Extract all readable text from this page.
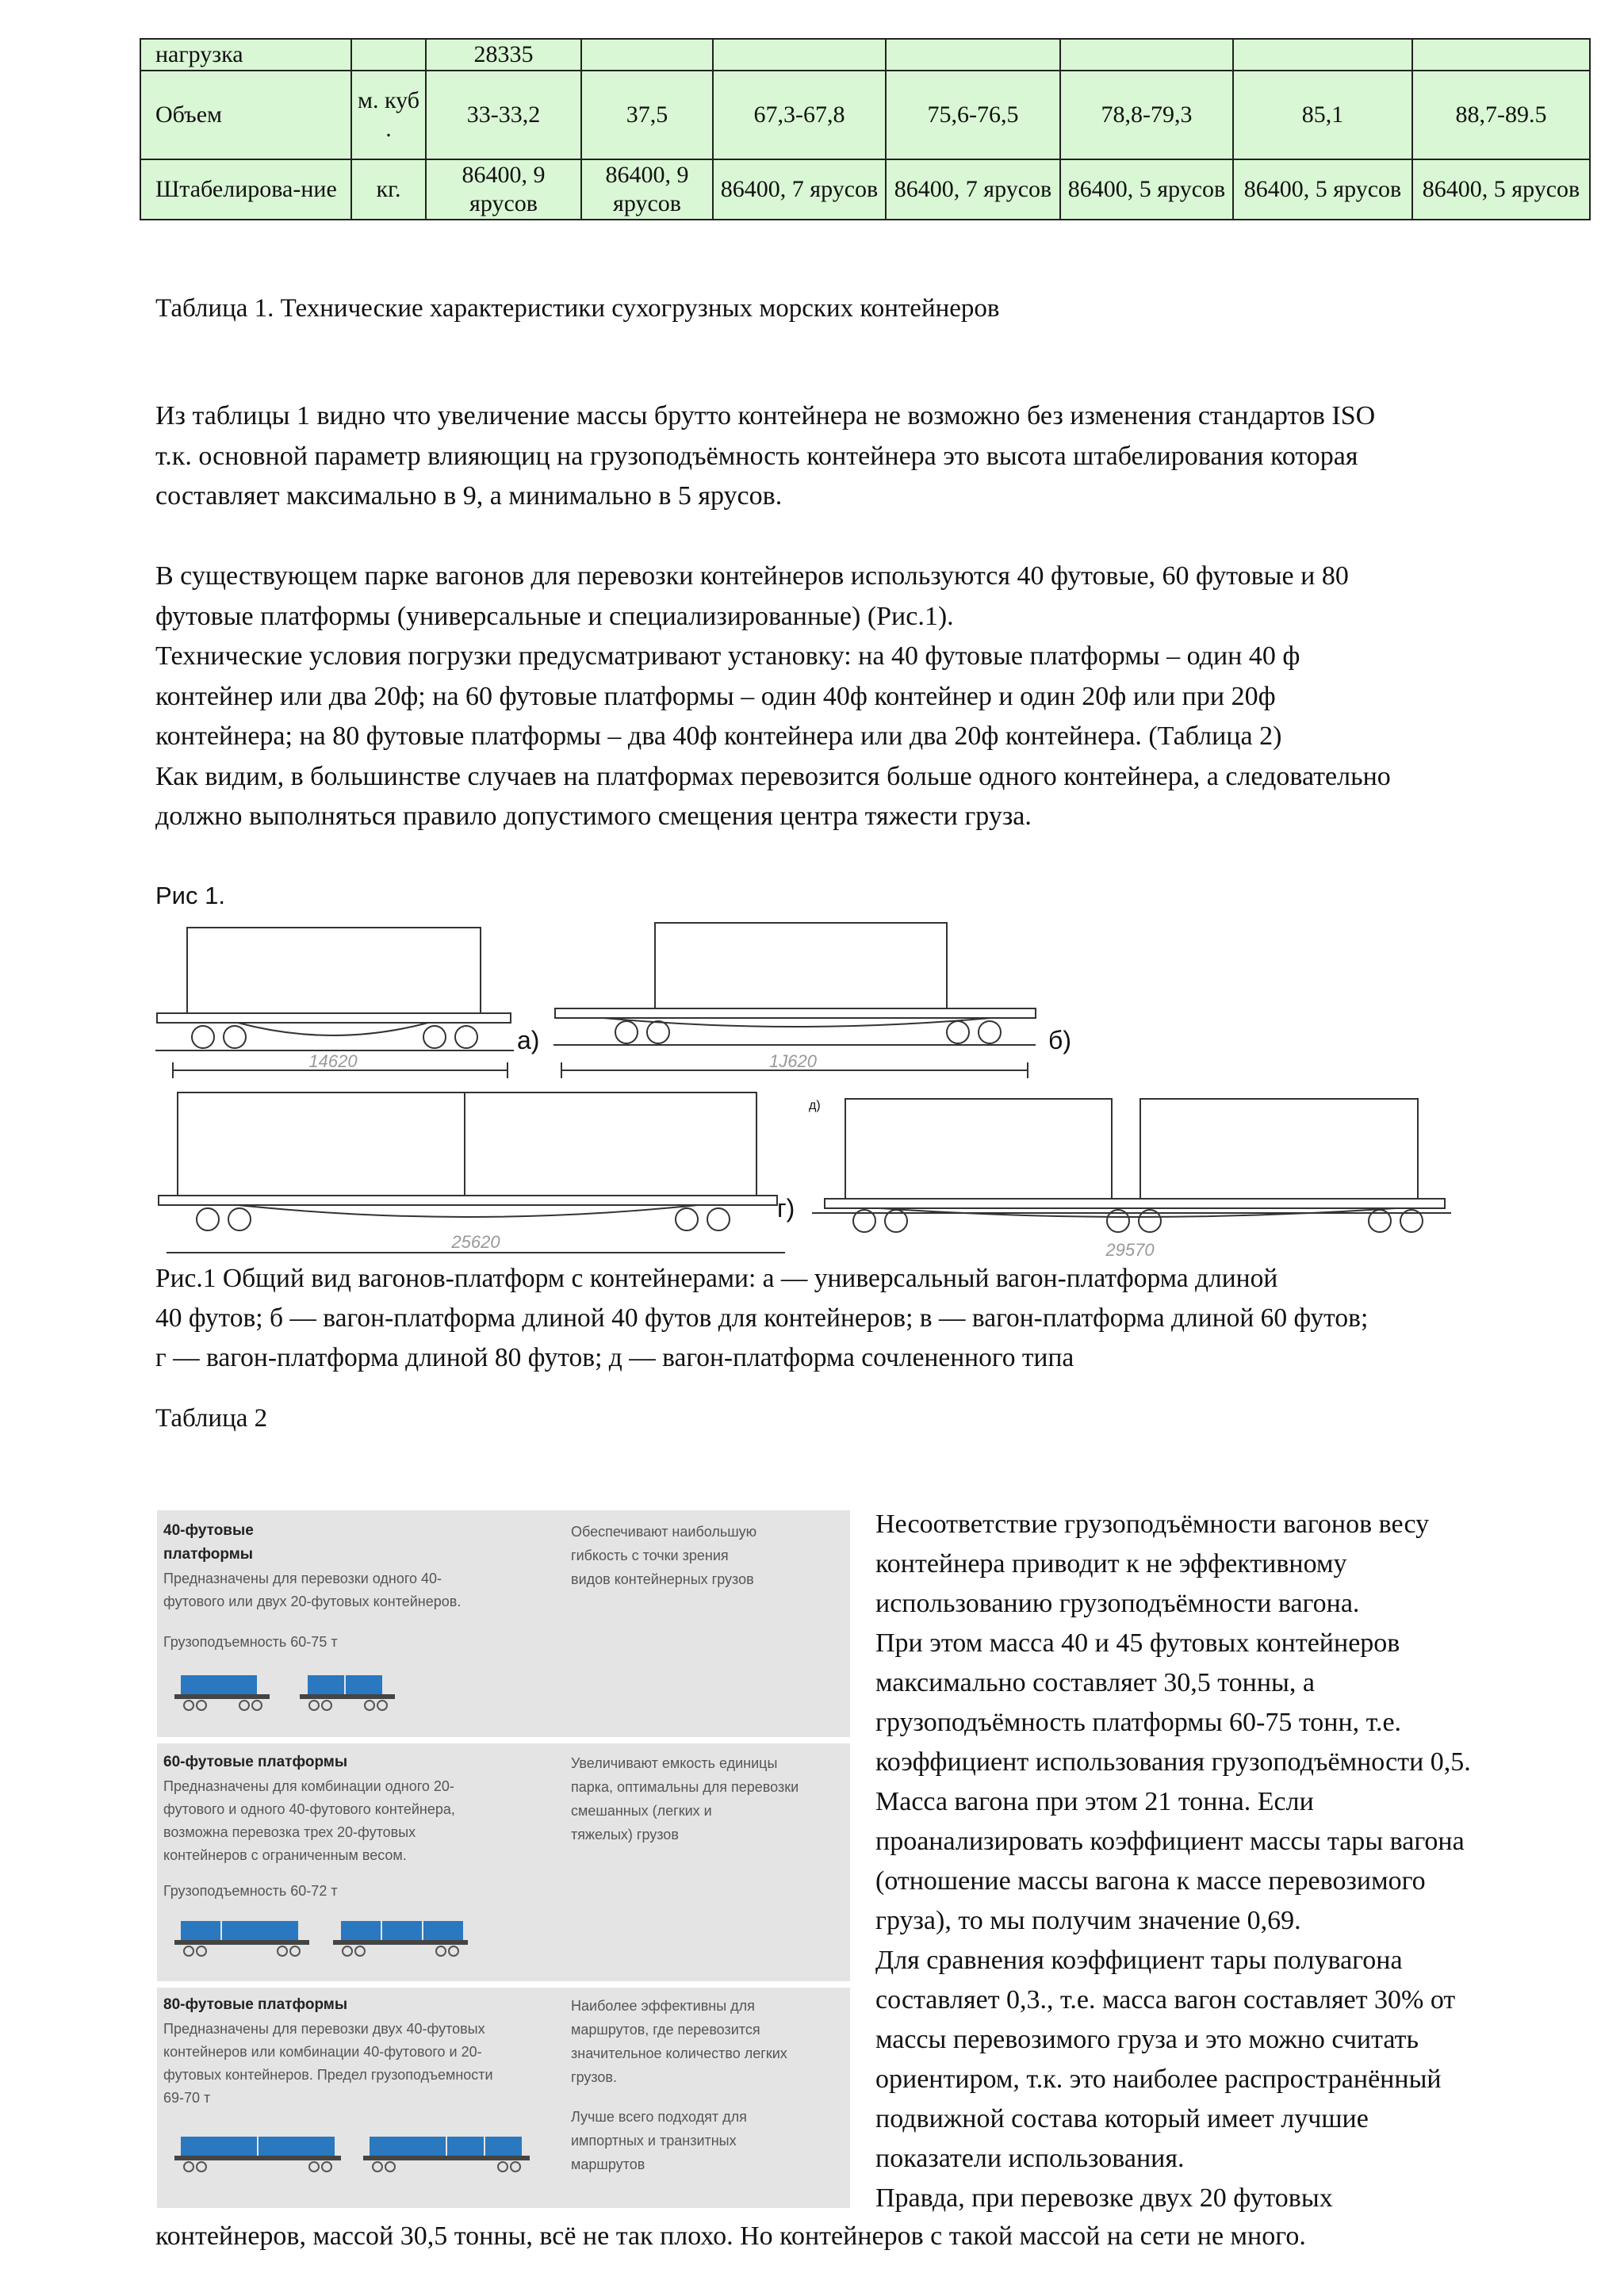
нагрузка		28335						
Объем	м. куб .	33-33,2	37,5	67,3-67,8	75,6-76,5	78,8-79,3	85,1	88,7-89.5
Штабелирова-ние	кг.	86400, 9 ярусов	86400, 9 ярусов	86400, 7 ярусов	86400, 7 ярусов	86400, 5 ярусов	86400, 5 ярусов	86400, 5 ярусов
Таблица 1. Технические характеристики сухогрузных морских контейнеров
Из таблицы 1 видно что увеличение массы брутто контейнера не возможно без изменения стандартов ISO
т.к. основной параметр влияющиц на грузоподъёмность контейнера это высота штабелирования которая
составляет максимально в 9, а минимально в 5 ярусов.
В существующем парке вагонов для перевозки контейнеров используются 40 футовые, 60 футовые и 80
футовые платформы (универсальные и специализированные) (Рис.1).
Технические условия погрузки предусматривают установку: на 40 футовые платформы – один 40 ф
контейнер или два 20ф; на 60 футовые платформы – один 40ф контейнер и один 20ф или при 20ф
контейнера; на 80 футовые платформы – два 40ф контейнера или два 20ф контейнера. (Таблица 2)
Как видим, в большинстве случаев на платформах перевозится больше одного контейнера, а следовательно
должно выполняться правило допустимого смещения центра тяжести груза.
Рис 1.
14620	1J620
25620	29570
а)	б)
г)
д)
Рис.1 Общий вид вагонов-платформ с контейнерами: а — универсальный вагон-платформа длиной
40 футов; б — вагон-платформа длиной 40 футов для контейнеров; в — вагон-платформа длиной 60 футов;
г — вагон-платформа длиной 80 футов; д — вагон-платформа сочлененного типа
Таблица 2
40-футовые
платформы
Предназначены для перевозки одного 40-
футового или двух 20-футовых контейнеров.
Грузоподъемность 60-75 т
Обеспечивают наибольшую
гибкость с точки зрения
видов контейнерных грузов
60-футовые платформы
Предназначены для комбинации одного 20-
футового и одного 40-футового контейнера,
возможна перевозка трех 20-футовых
контейнеров с ограниченным весом.
Грузоподъемность 60-72 т
Увеличивают емкость единицы
парка, оптимальны для перевозки
смешанных (легких и
тяжелых) грузов
80-футовые платформы
Предназначены для перевозки двух 40-футовых
контейнеров или комбинации 40-футового и 20-
футовых контейнеров. Предел грузоподъемности
69-70 т
Наиболее эффективны для
маршрутов, где перевозится
значительное количество легких
грузов.
Лучше всего подходят для
импортных и транзитных
маршрутов
Несоответствие грузоподъёмности вагонов весу
контейнера приводит к не эффективному
использованию грузоподъёмности вагона.
При этом масса 40 и 45 футовых контейнеров
максимально составляет 30,5 тонны, а
грузоподъёмность платформы 60-75 тонн, т.е.
коэффициент использования грузоподъёмности 0,5.
Масса вагона при этом 21 тонна. Если
проанализировать коэффициент массы тары вагона
(отношение массы вагона к массе перевозимого
груза), то мы получим значение 0,69.
Для сравнения коэффициент тары полувагона
составляет 0,3., т.е. масса вагон составляет 30% от
массы перевозимого груза и это можно считать
ориентиром, т.к. это наиболее распространённый
подвижной состава который имеет лучшие
показатели использования.
Правда, при перевозке двух 20 футовых
контейнеров, массой 30,5 тонны, всё не так плохо. Но контейнеров с такой массой на сети не много.
